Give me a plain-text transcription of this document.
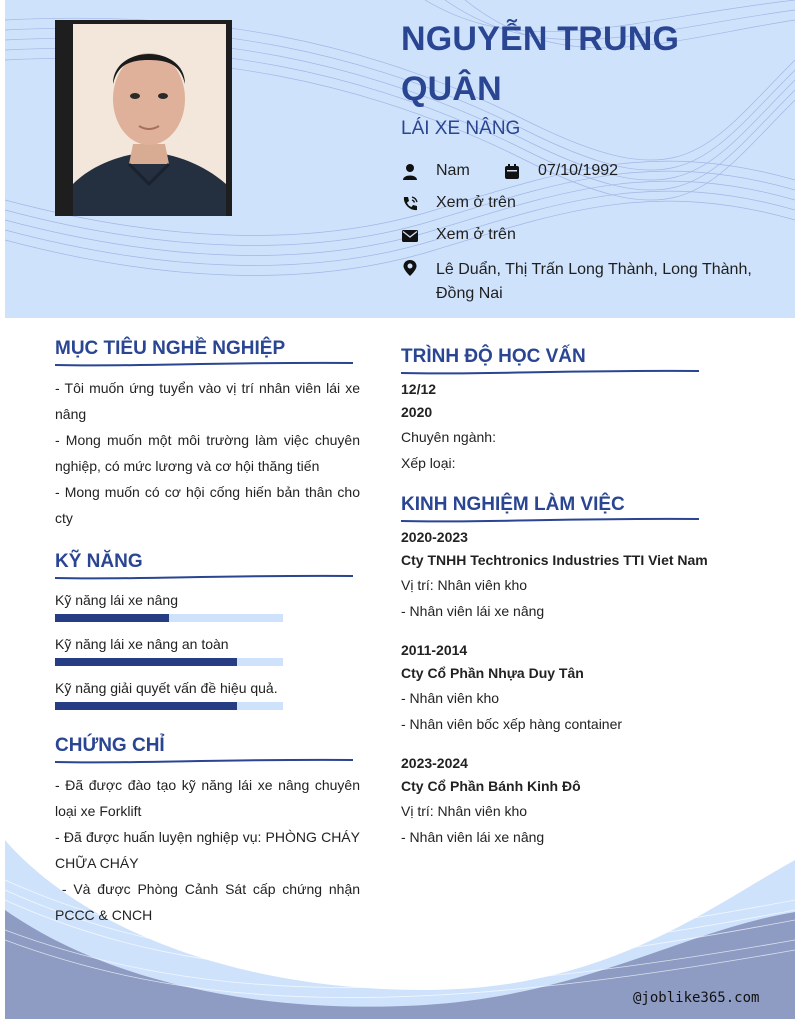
NGUYỄN TRUNG QUÂN
LÁI XE NÂNG
Nam	07/10/1992
Xem ở trên
Xem ở trên
Lê Duẩn, Thị Trấn Long Thành, Long Thành, Đồng Nai
@joblike365.com
MỤC TIÊU NGHỀ NGHIỆP
- Tôi muốn ứng tuyển vào vị trí nhân viên lái xe nâng
- Mong muốn một môi trường làm việc chuyên nghiệp, có mức lương và cơ hội thăng tiến
- Mong muốn có cơ hội cống hiến bản thân cho cty
KỸ NĂNG
Kỹ năng lái xe nâng
Kỹ năng lái xe nâng an toàn
Kỹ năng giải quyết vấn đề hiệu quả.
CHỨNG CHỈ
- Đã được đào tạo kỹ năng lái xe nâng chuyên loại xe Forklift
- Đã được huấn luyện nghiệp vụ: PHÒNG CHÁY CHỮA CHÁY
- Và được Phòng Cảnh Sát cấp chứng nhận PCCC & CNCH
TRÌNH ĐỘ HỌC VẤN
12/12
2020
Chuyên ngành:
Xếp loại:
KINH NGHIỆM LÀM VIỆC
2020-2023
Cty TNHH Techtronics Industries TTI Viet Nam
Vị trí: Nhân viên kho
- Nhân viên lái xe nâng
2011-2014
Cty Cổ Phần Nhựa Duy Tân
- Nhân viên kho
- Nhân viên bốc xếp hàng container
2023-2024
Cty Cổ Phần Bánh Kinh Đô
Vị trí: Nhân viên kho
- Nhân viên lái xe nâng
